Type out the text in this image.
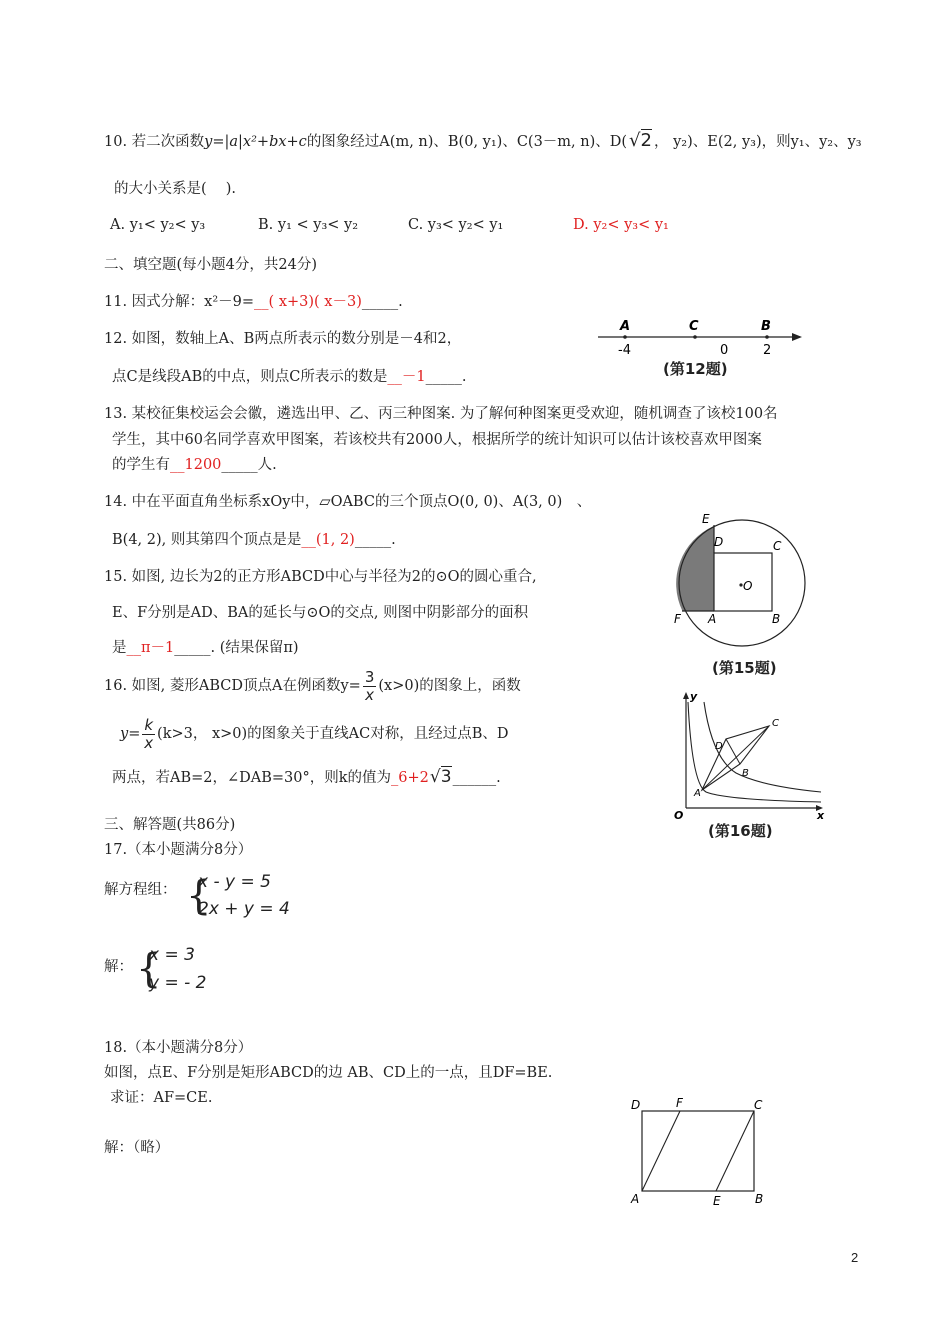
10. 若二次函数y=|a|x²+bx+c的图象经过A(m, n)、B(0, y₁)、C(3－m, n)、D( √2 ， y₂)、E(2, y₃)，则y₁、y₂、y₃
的大小关系是(　 ).
A. y₁< y₂< y₃	B. y₁ < y₃< y₂	C. y₃< y₂< y₁	D. y₂< y₃< y₁
二、填空题(每小题4分，共24分)
11. 因式分解：x²－9=__( x+3)( x－3)_____.
12. 如图，数轴上A、B两点所表示的数分别是－4和2，
点C是线段AB的中点，则点C所表示的数是__－1_____.
A	C	B
-4	0	2
(第12题)
13. 某校征集校运会会徽，遴选出甲、乙、丙三种图案. 为了解何种图案更受欢迎，随机调查了该校100名
学生，其中60名同学喜欢甲图案，若该校共有2000人，根据所学的统计知识可以估计该校喜欢甲图案
的学生有__1200_____人.
14. 中在平面直角坐标系xOy中，▱OABC的三个顶点O(0, 0)、A(3, 0)　、
B(4, 2), 则其第四个顶点是是__(1, 2)_____.
15. 如图, 边长为2的正方形ABCD中心与半径为2的⊙O的圆心重合,
E、F分别是AD、BA的延长与⊙O的交点, 则图中阴影部分的面积
是__π－1_____. (结果保留π)
E
D	C
O
F A	B
(第15题)
16. 如图, 菱形ABCD顶点A在例函数$y= \frac{3}{x} (x>0)$的图象上，函数
$y= \frac{k}{x} (k>3$， x>0)的图象关于直线AC对称，且经过点B、D
两点，若AB=2，∠DAB=30°，则k的值为_6+2√3______.
y
C
D
B
A
O	x
(第16题)
三、解答题(共86分)
17.（本小题满分8分）
解方程组： {
x - y = 5
2x + y = 4
解： {
x = 3
y = - 2
18.（本小题满分8分）
如图，点E、F分别是矩形ABCD的边 AB、CD上的一点，且DF=BE.
求证：AF=CE.
解：（略）
D	F	C
A	E	B
2
